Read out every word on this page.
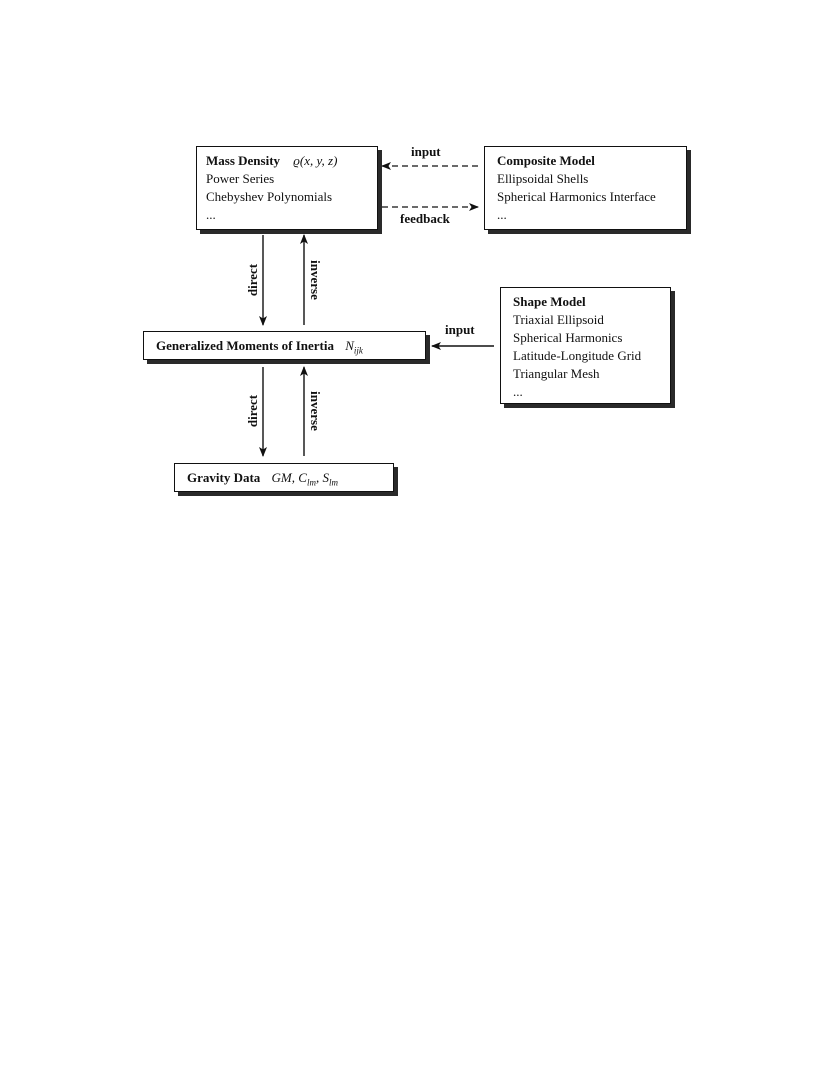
Mass Density ϱ(x, y, z)
Power Series
Chebyshev Polynomials
...
Composite Model
Ellipsoidal Shells
Spherical Harmonics Interface
...
Generalized Moments of Inertia $N_{ijk}$
Shape Model
Triaxial Ellipsoid
Spherical Harmonics
Latitude-Longitude Grid
Triangular Mesh
...
Gravity Data GM, $C_{lm}$, $S_{lm}$
input
feedback
input
direct	inverse
direct	inverse
